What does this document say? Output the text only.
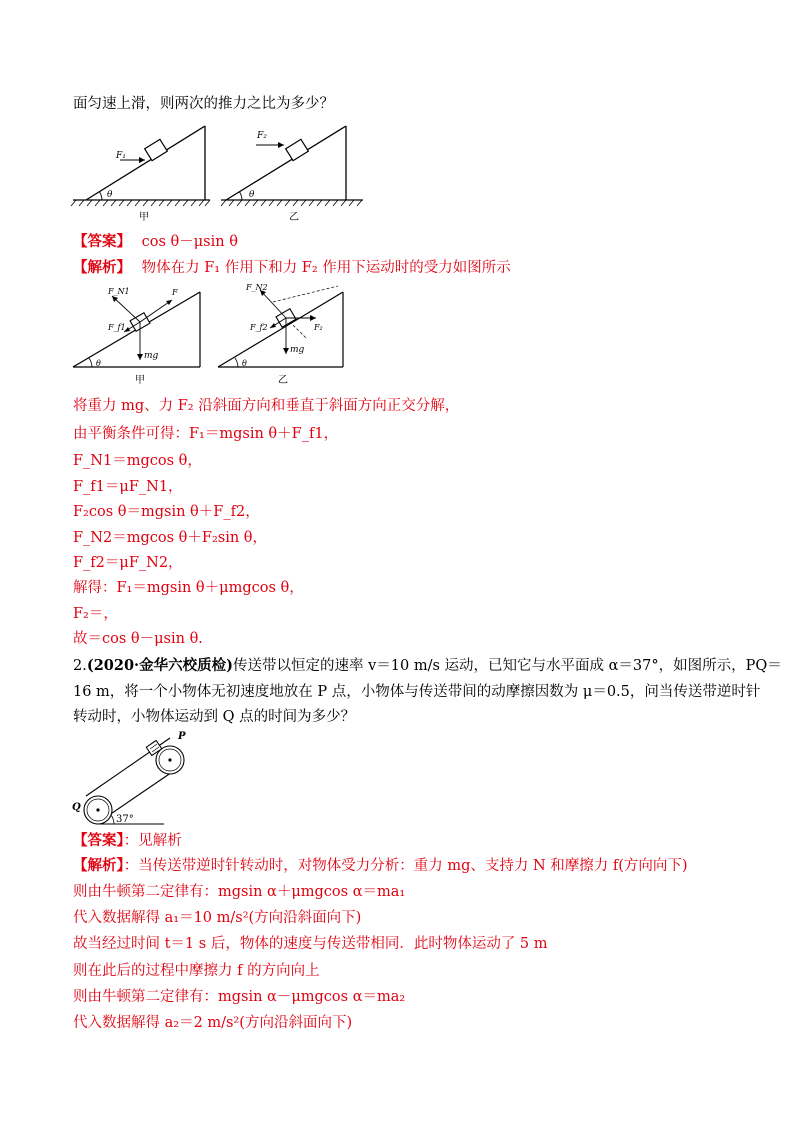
面匀速上滑，则两次的推力之比为多少？
F₁
θ
甲
F₂
θ
乙
【答案】 cos θ－μsin θ
【解析】 物体在力 F₁ 作用下和力 F₂ 作用下运动时的受力如图所示
F_N1	F
F_f1
mg
θ
甲
F_N2
F_f2	F₂
mg
θ
乙
将重力 mg、力 F₂ 沿斜面方向和垂直于斜面方向正交分解，
由平衡条件可得：F₁＝mgsin θ＋F_f1，
F_N1＝mgcos θ，
F_f1＝μF_N1，
F₂cos θ＝mgsin θ＋F_f2，
F_N2＝mgcos θ＋F₂sin θ，
F_f2＝μF_N2，
解得：F₁＝mgsin θ＋μmgcos θ，
F₂＝，
故＝cos θ－μsin θ.
2.(2020·金华六校质检)传送带以恒定的速率 v＝10 m/s 运动，已知它与水平面成 α＝37°，如图所示，PQ＝
16 m，将一个小物体无初速度地放在 P 点，小物体与传送带间的动摩擦因数为 μ＝0.5，问当传送带逆时针
转动时，小物体运动到 Q 点的时间为多少？
P
Q
37°
【答案】：见解析
【解析】：当传送带逆时针转动时，对物体受力分析：重力 mg、支持力 N 和摩擦力 f(方向向下)
则由牛顿第二定律有：mgsin α＋μmgcos α＝ma₁
代入数据解得 a₁＝10 m/s²(方向沿斜面向下)
故当经过时间 t＝1 s 后，物体的速度与传送带相同．此时物体运动了 5 m
则在此后的过程中摩擦力 f 的方向向上
则由牛顿第二定律有：mgsin α－μmgcos α＝ma₂
代入数据解得 a₂＝2 m/s²(方向沿斜面向下)
